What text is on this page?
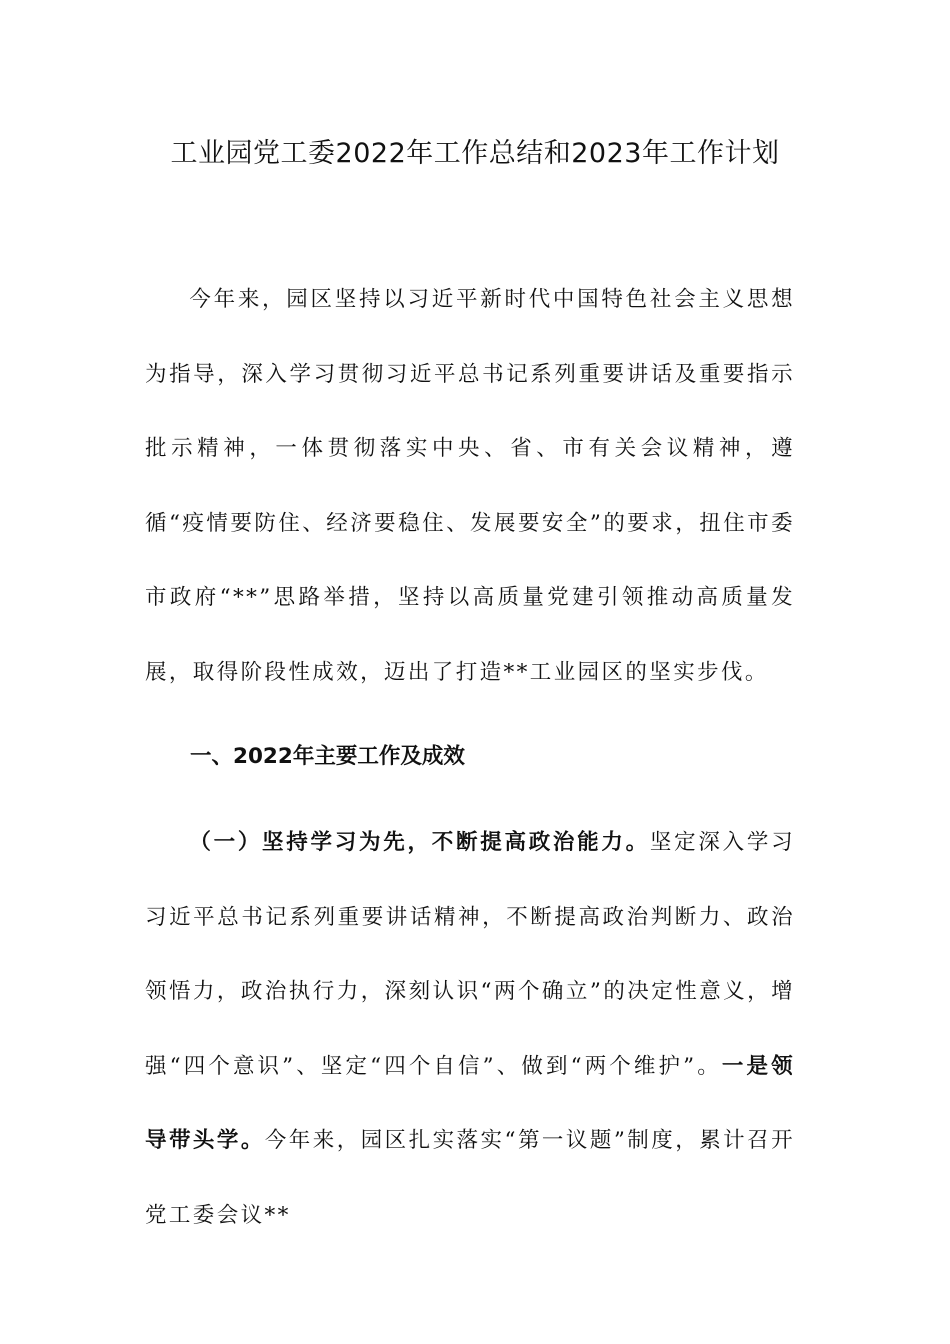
工业园党工委2022年工作总结和2023年工作计划

今年来，园区坚持以习近平新时代中国特色社会主义思想为指导，深入学习贯彻习近平总书记系列重要讲话及重要指示批示精神，一体贯彻落实中央、省、市有关会议精神，遵循“疫情要防住、经济要稳住、发展要安全”的要求，扭住市委市政府“**”思路举措，坚持以高质量党建引领推动高质量发展，取得阶段性成效，迈出了打造**工业园区的坚实步伐。

一、2022年主要工作及成效

（一）坚持学习为先，不断提高政治能力。坚定深入学习习近平总书记系列重要讲话精神，不断提高政治判断力、政治领悟力，政治执行力，深刻认识“两个确立”的决定性意义，增强“四个意识”、坚定“四个自信”、做到“两个维护”。一是领导带头学。今年来，园区扎实落实“第一议题”制度，累计召开党工委会议**
